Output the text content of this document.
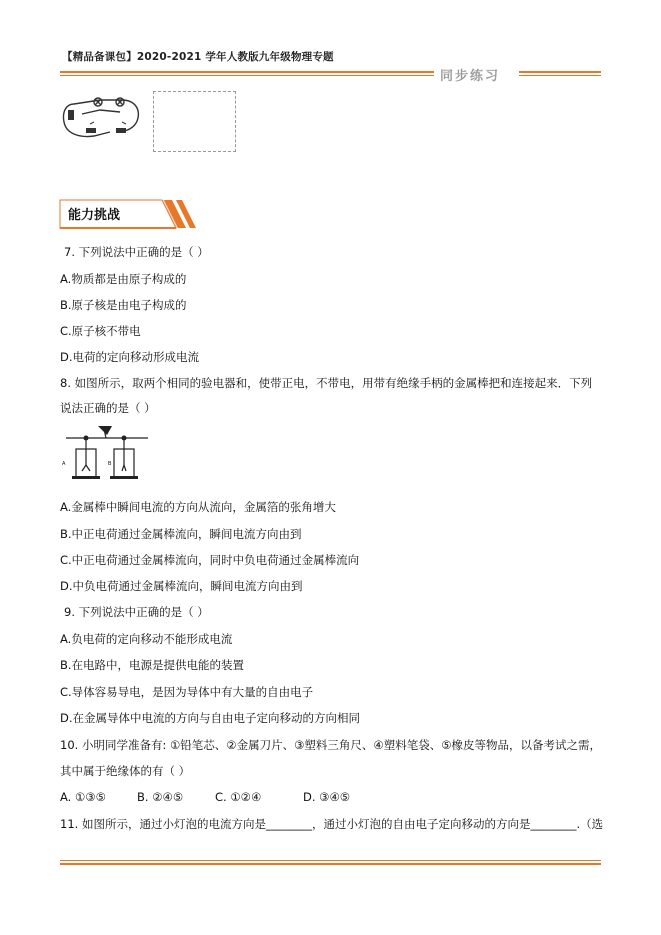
【精品备课包】2020-2021 学年人教版九年级物理专题
同步练习
能力挑战
7. 下列说法中正确的是（ ）
A.物质都是由原子构成的
B.原子核是由电子构成的
C.原子核不带电
D.电荷的定向移动形成电流
8. 如图所示，取两个相同的验电器和，使带正电，不带电，用带有绝缘手柄的金属棒把和连接起来．下列
说法正确的是（ ）
A	B
A.金属棒中瞬间电流的方向从流向，金属箔的张角增大
B.中正电荷通过金属棒流向，瞬间电流方向由到
C.中正电荷通过金属棒流向，同时中负电荷通过金属棒流向
D.中负电荷通过金属棒流向，瞬间电流方向由到
9. 下列说法中正确的是（ ）
A.负电荷的定向移动不能形成电流
B.在电路中，电源是提供电能的装置
C.导体容易导电，是因为导体中有大量的自由电子
D.在金属导体中电流的方向与自由电子定向移动的方向相同
10. 小明同学准备有: ①铅笔芯、②金属刀片、③塑料三角尺、④塑料笔袋、⑤橡皮等物品，以备考试之需，
其中属于绝缘体的有（ ）
A. ①③⑤	B. ②④⑤	C. ①②④	D. ③④⑤
11. 如图所示，通过小灯泡的电流方向是________，通过小灯泡的自由电子定向移动的方向是________.（选
